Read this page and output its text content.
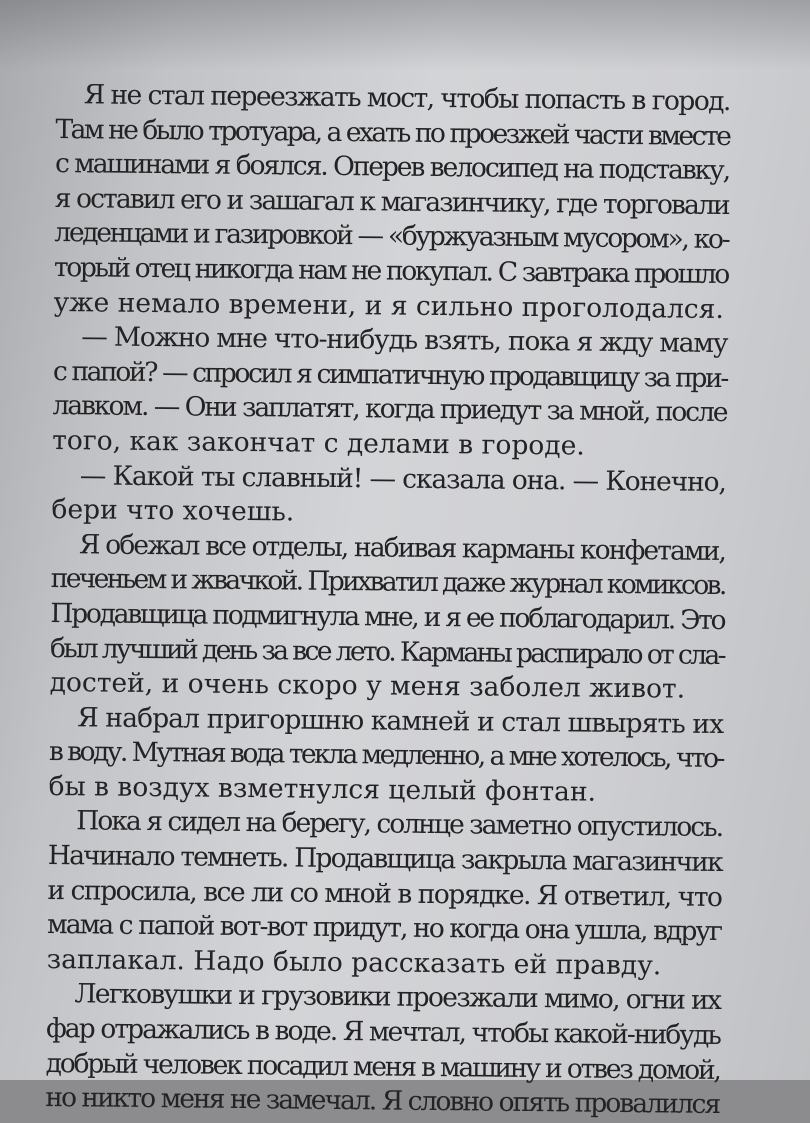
Я не стал переезжать мост, чтобы попасть в город.
Там не было тротуара, а ехать по проезжей части вместе
с машинами я боялся. Оперев велосипед на подставку,
я оставил его и зашагал к магазинчику, где торговали
леденцами и газировкой — «буржуазным мусором», ко-
торый отец никогда нам не покупал. С завтрака прошло
уже немало времени, и я сильно проголодался.
— Можно мне что-нибудь взять, пока я жду маму
с папой? — спросил я симпатичную продавщицу за при-
лавком. — Они заплатят, когда приедут за мной, после
того, как закончат с делами в городе.
— Какой ты славный! — сказала она. — Конечно,
бери что хочешь.
Я обежал все отделы, набивая карманы конфетами,
печеньем и жвачкой. Прихватил даже журнал комиксов.
Продавщица подмигнула мне, и я ее поблагодарил. Это
был лучший день за все лето. Карманы распирало от сла-
достей, и очень скоро у меня заболел живот.
Я набрал пригоршню камней и стал швырять их
в воду. Мутная вода текла медленно, а мне хотелось, что-
бы в воздух взметнулся целый фонтан.
Пока я сидел на берегу, солнце заметно опустилось.
Начинало темнеть. Продавщица закрыла магазинчик
и спросила, все ли со мной в порядке. Я ответил, что
мама с папой вот-вот придут, но когда она ушла, вдруг
заплакал. Надо было рассказать ей правду.
Легковушки и грузовики проезжали мимо, огни их
фар отражались в воде. Я мечтал, чтобы какой-нибудь
добрый человек посадил меня в машину и отвез домой,
но никто меня не замечал. Я словно опять провалился
